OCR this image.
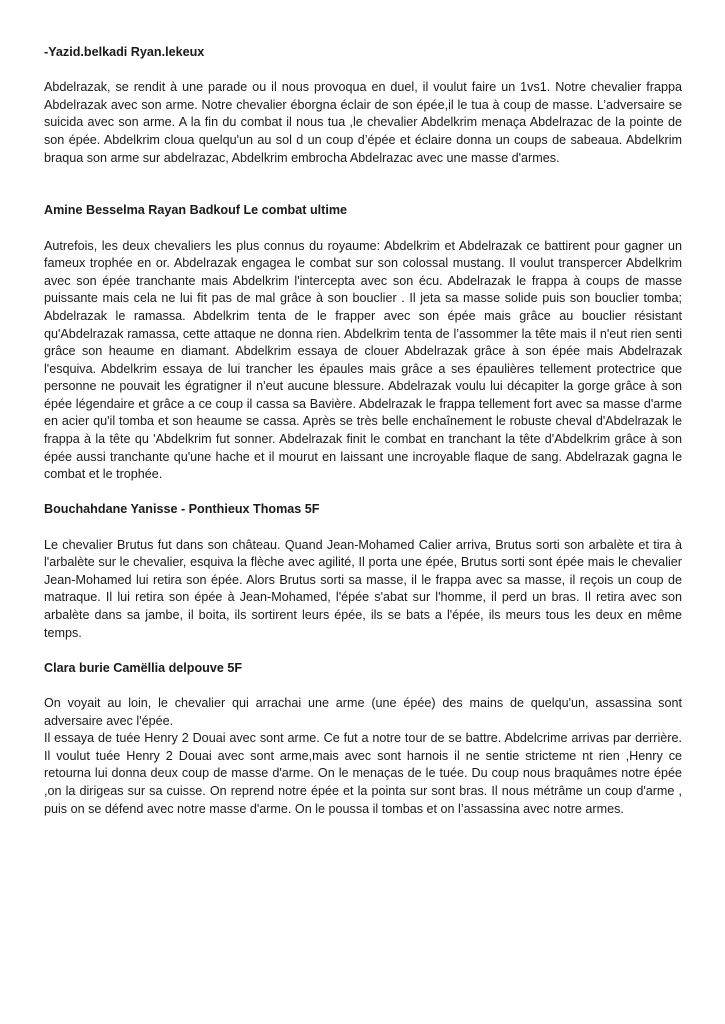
-Yazid.belkadi Ryan.lekeux

Abdelrazak, se rendit à une parade ou il nous provoqua en duel, il voulut faire un 1vs1. Notre chevalier frappa Abdelrazak avec son arme. Notre chevalier éborgna éclair de son épée,il le tua à coup de masse. L’adversaire se suicida avec son arme. A la fin du combat il nous tua ,le chevalier Abdelkrim menaça Abdelrazac de la pointe de son épée. Abdelkrim cloua quelqu'un au sol d un coup d’épée et éclaire donna un coups de sabeaua. Abdelkrim braqua son arme sur abdelrazac, Abdelkrim embrocha Abdelrazac avec une masse d'armes.

Amine Besselma Rayan Badkouf Le combat ultime

Autrefois, les deux chevaliers les plus connus du royaume: Abdelkrim et Abdelrazak ce battirent pour gagner un fameux trophée en or. Abdelrazak engagea le combat sur son colossal mustang. Il voulut transpercer Abdelkrim avec son épée tranchante mais Abdelkrim l'intercepta avec son écu. Abdelrazak le frappa à coups de masse puissante mais cela ne lui fit pas de mal grâce à son bouclier . Il jeta sa masse solide puis son bouclier tomba; Abdelrazak le ramassa. Abdelkrim tenta de le frapper avec son épée mais grâce au bouclier résistant qu'Abdelrazak ramassa, cette attaque ne donna rien. Abdelkrim tenta de l’assommer la tête mais il n'eut rien senti grâce son heaume en diamant. Abdelkrim essaya de clouer Abdelrazak grâce à son épée mais Abdelrazak l'esquiva. Abdelkrim essaya de lui trancher les épaules mais grâce a ses épaulières tellement protectrice que personne ne pouvait les égratigner il n'eut aucune blessure. Abdelrazak voulu lui décapiter la gorge grâce à son épée légendaire et grâce a ce coup il cassa sa Bavière. Abdelrazak le frappa tellement fort avec sa masse d'arme en acier qu'il tomba et son heaume se cassa. Après se très belle enchaînement le robuste cheval d'Abdelrazak le frappa à la tête qu 'Abdelkrim fut sonner. Abdelrazak finit le combat en tranchant la tête d'Abdelkrim grâce à son épée aussi tranchante qu'une hache et il mourut en laissant une incroyable flaque de sang. Abdelrazak gagna le combat et le trophée.

Bouchahdane Yanisse - Ponthieux Thomas 5F

Le chevalier Brutus fut dans son château. Quand Jean-Mohamed Calier arriva, Brutus sorti son arbalète et tira à l'arbalète sur le chevalier, esquiva la flèche avec agilité, Il porta une épée, Brutus sorti sont épée mais le chevalier Jean-Mohamed lui retira son épée. Alors Brutus sorti sa masse, il le frappa avec sa masse, il reçois un coup de matraque. Il lui retira son épée à Jean-Mohamed, l'épée s'abat sur l'homme, il perd un bras. Il retira avec son arbalète dans sa jambe, il boita, ils sortirent leurs épée, ils se bats a l'épée, ils meurs tous les deux en même temps.

Clara burie Camëllia delpouve 5F

On voyait au loin, le chevalier qui arrachai une arme (une épée) des mains de quelqu'un, assassina sont adversaire avec l'épée.

Il essaya de tuée Henry 2 Douai avec sont arme. Ce fut a notre tour de se battre. Abdelcrime arrivas par derrière. Il voulut tuée Henry 2 Douai avec sont arme,mais avec sont harnois il ne sentie stricteme nt rien ,Henry ce retourna lui donna deux coup de masse d'arme. On le menaças de le tuée. Du coup nous braquâmes notre épée ,on la dirigeas sur sa cuisse. On reprend notre épée et la pointa sur sont bras. Il nous métrâme un coup d'arme , puis on se défend avec notre masse d'arme. On le poussa il tombas et on l’assassina avec notre armes.
